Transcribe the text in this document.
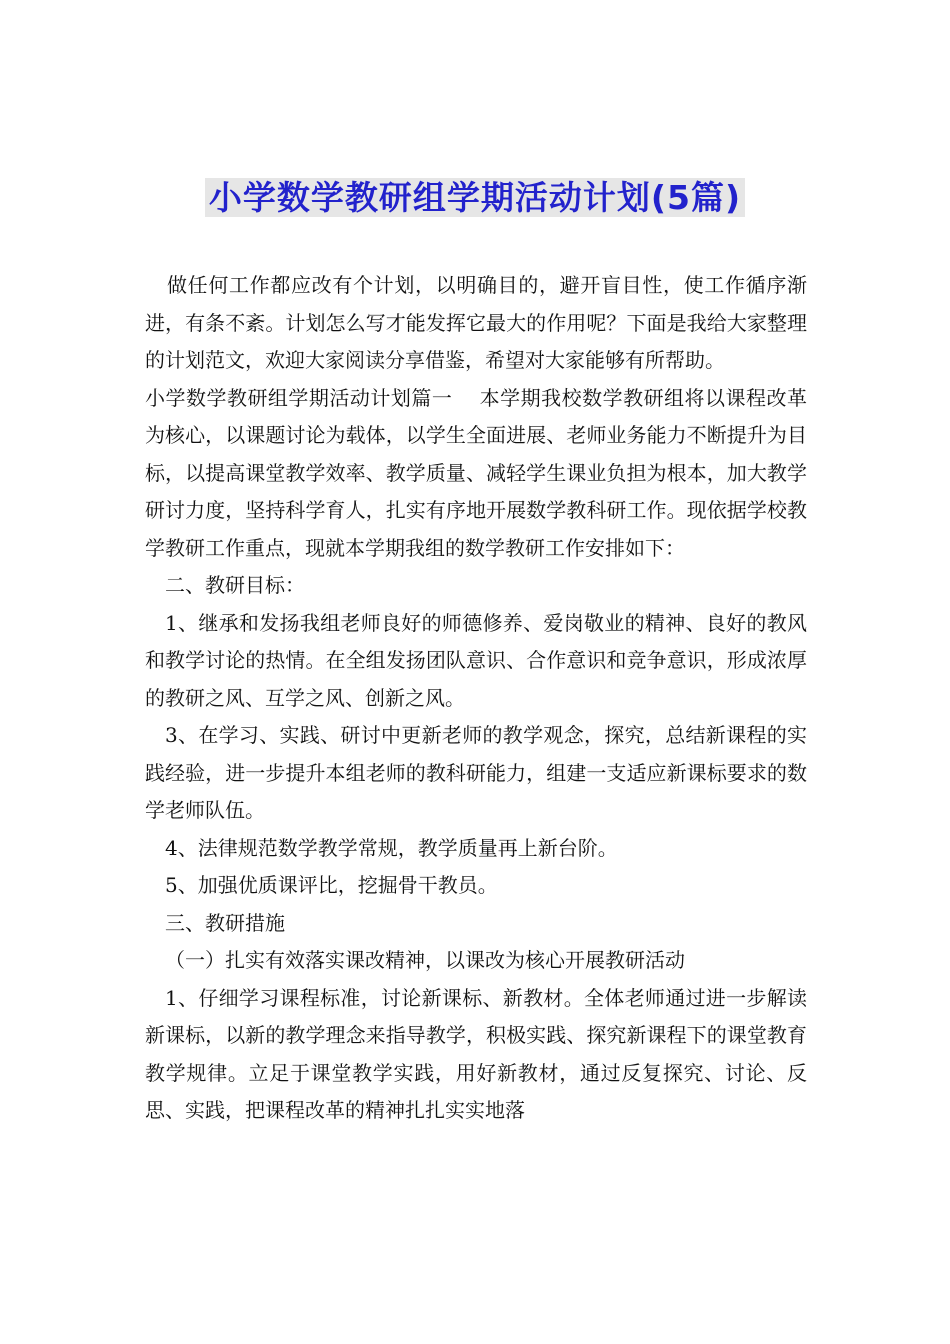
小学数学教研组学期活动计划(5篇)

做任何工作都应改有个计划，以明确目的，避开盲目性，使工作循序渐进，有条不紊。计划怎么写才能发挥它最大的作用呢？下面是我给大家整理的计划范文，欢迎大家阅读分享借鉴，希望对大家能够有所帮助。

小学数学教研组学期活动计划篇一　 本学期我校数学教研组将以课程改革为核心，以课题讨论为载体，以学生全面进展、老师业务能力不断提升为目标，以提高课堂教学效率、教学质量、减轻学生课业负担为根本，加大教学研讨力度，坚持科学育人，扎实有序地开展数学教科研工作。现依据学校教学教研工作重点，现就本学期我组的数学教研工作安排如下：

二、教研目标：

1、继承和发扬我组老师良好的师德修养、爱岗敬业的精神、良好的教风和教学讨论的热情。在全组发扬团队意识、合作意识和竞争意识，形成浓厚的教研之风、互学之风、创新之风。

3、在学习、实践、研讨中更新老师的教学观念，探究，总结新课程的实践经验，进一步提升本组老师的教科研能力，组建一支适应新课标要求的数学老师队伍。

4、法律规范数学教学常规，教学质量再上新台阶。

5、加强优质课评比，挖掘骨干教员。

三、教研措施

（一）扎实有效落实课改精神，以课改为核心开展教研活动

1、仔细学习课程标准，讨论新课标、新教材。全体老师通过进一步解读新课标，以新的教学理念来指导教学，积极实践、探究新课程下的课堂教育教学规律。立足于课堂教学实践，用好新教材，通过反复探究、讨论、反思、实践，把课程改革的精神扎扎实实地落
